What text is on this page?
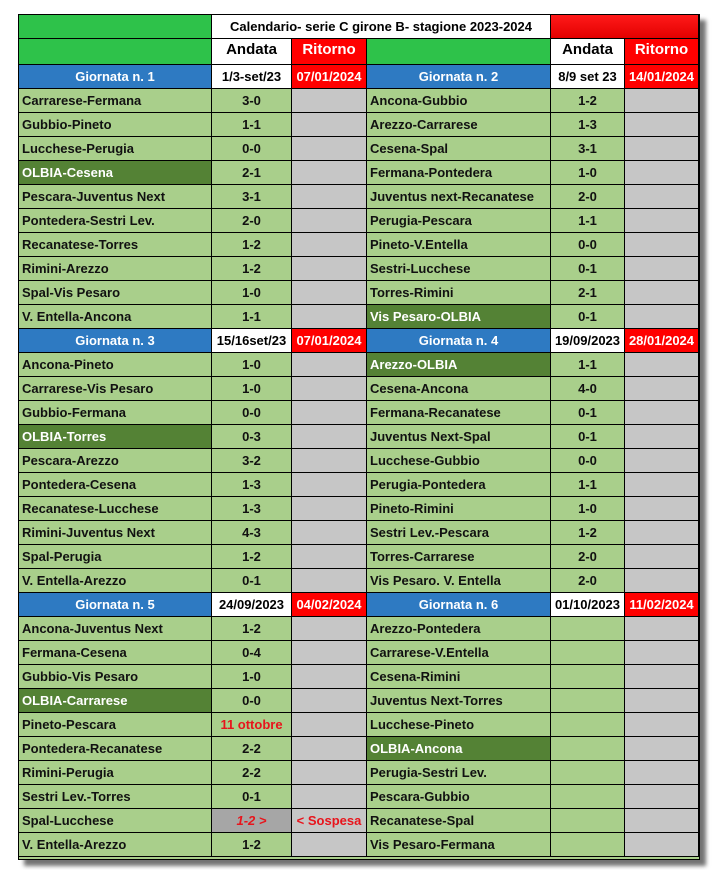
Calendario- serie C girone B- stagione 2023-2024
Andata	Ritorno	Andata	Ritorno
Giornata n. 1	1/3-set/23	07/01/2024
Carrarese-Fermana	3-0
Gubbio-Pineto	1-1
Lucchese-Perugia	0-0
OLBIA-Cesena	2-1
Pescara-Juventus Next	3-1
Pontedera-Sestri Lev.	2-0
Recanatese-Torres	1-2
Rimini-Arezzo	1-2
Spal-Vis Pesaro	1-0
V. Entella-Ancona	1-1
Giornata n. 2	8/9 set 23 14/01/2024
Ancona-Gubbio	1-2
Arezzo-Carrarese	1-3
Cesena-Spal	3-1
Fermana-Pontedera	1-0
Juventus next-Recanatese	2-0
Perugia-Pescara	1-1
Pineto-V.Entella	0-0
Sestri-Lucchese	0-1
Torres-Rimini	2-1
Vis Pesaro-OLBIA	0-1
Giornata n. 3	15/16set/23 07/01/2024
Ancona-Pineto	1-0
Carrarese-Vis Pesaro	1-0
Gubbio-Fermana	0-0
OLBIA-Torres	0-3
Pescara-Arezzo	3-2
Pontedera-Cesena	1-3
Recanatese-Lucchese	1-3
Rimini-Juventus Next	4-3
Spal-Perugia	1-2
V. Entella-Arezzo	0-1
Giornata n. 4	19/09/2023 28/01/2024
Arezzo-OLBIA	1-1
Cesena-Ancona	4-0
Fermana-Recanatese	0-1
Juventus Next-Spal	0-1
Lucchese-Gubbio	0-0
Perugia-Pontedera	1-1
Pineto-Rimini	1-0
Sestri Lev.-Pescara	1-2
Torres-Carrarese	2-0
Vis Pesaro. V. Entella	2-0
Giornata n. 5	24/09/2023 04/02/2024
Ancona-Juventus Next	1-2
Fermana-Cesena	0-4
Gubbio-Vis Pesaro	1-0
OLBIA-Carrarese	0-0
Pineto-Pescara	11 ottobre
Pontedera-Recanatese	2-2
Rimini-Perugia	2-2
Sestri Lev.-Torres	0-1
Spal-Lucchese	1-2 >	< Sospesa
V. Entella-Arezzo	1-2
Giornata n. 6	01/10/2023 11/02/2024
Arezzo-Pontedera
Carrarese-V.Entella
Cesena-Rimini
Juventus Next-Torres
Lucchese-Pineto
OLBIA-Ancona
Perugia-Sestri Lev.
Pescara-Gubbio
Recanatese-Spal
Vis Pesaro-Fermana
